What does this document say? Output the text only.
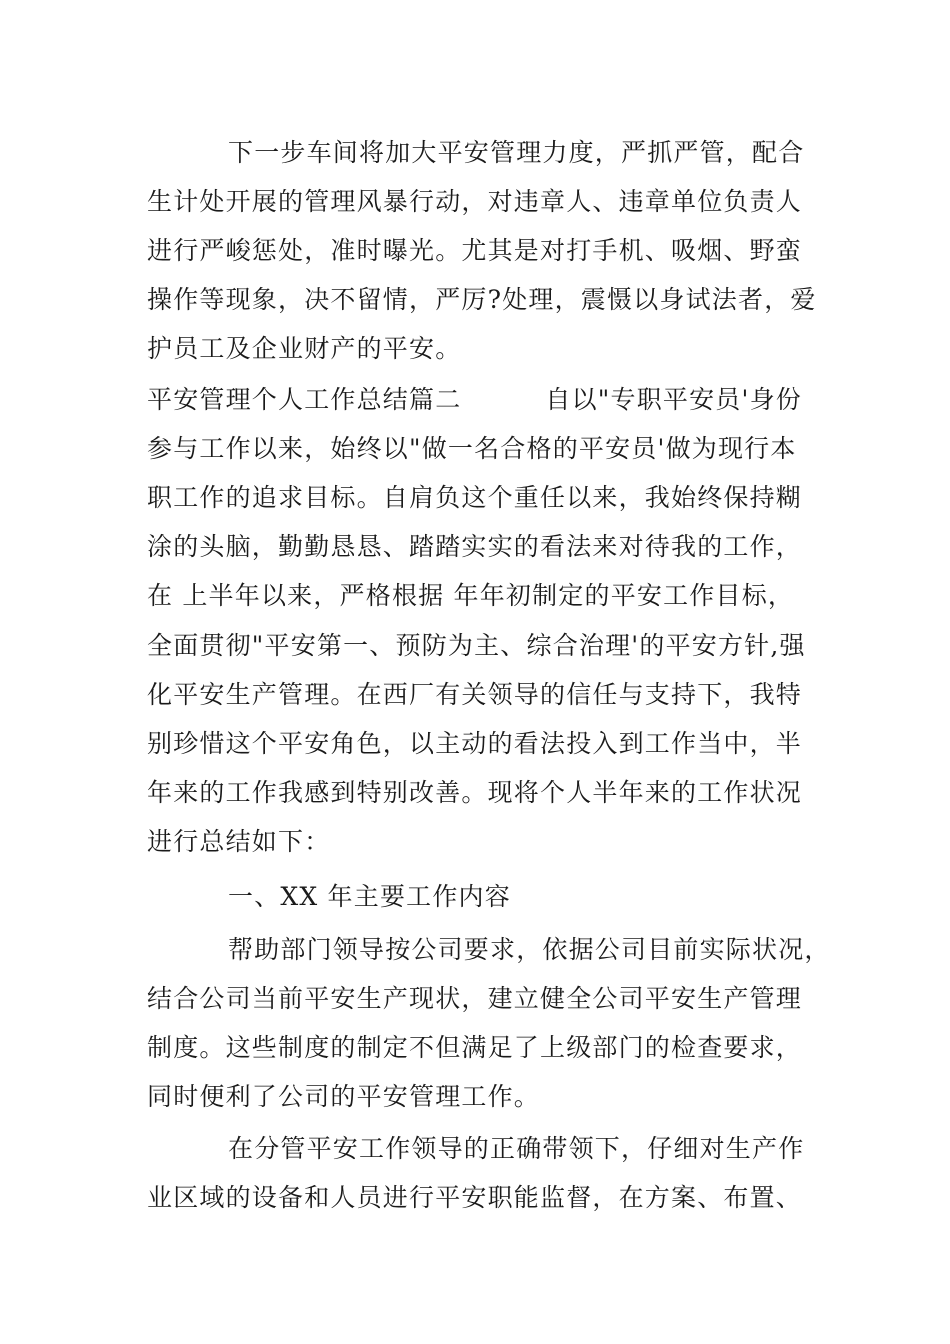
下一步车间将加大平安管理力度，严抓严管，配合
生计处开展的管理风暴行动，对违章人、违章单位负责人
进行严峻惩处，准时曝光。尤其是对打手机、吸烟、野蛮
操作等现象，决不留情，严厉?处理，震慑以身试法者，爱
护员工及企业财产的平安。
平安管理个人工作总结篇二	自以"专职平安员'身份
参与工作以来，始终以"做一名合格的平安员'做为现行本
职工作的追求目标。自肩负这个重任以来，我始终保持糊
涂的头脑，勤勤恳恳、踏踏实实的看法来对待我的工作，
在 上半年以来，严格根据 年年初制定的平安工作目标，
全面贯彻"平安第一、预防为主、综合治理'的平安方针,强
化平安生产管理。在西厂有关领导的信任与支持下，我特
别珍惜这个平安角色，以主动的看法投入到工作当中，半
年来的工作我感到特别改善。现将个人半年来的工作状况
进行总结如下：
一、XX 年主要工作内容
帮助部门领导按公司要求，依据公司目前实际状况，
结合公司当前平安生产现状，建立健全公司平安生产管理
制度。这些制度的制定不但满足了上级部门的检查要求，
同时便利了公司的平安管理工作。
在分管平安工作领导的正确带领下，仔细对生产作
业区域的设备和人员进行平安职能监督，在方案、布置、
